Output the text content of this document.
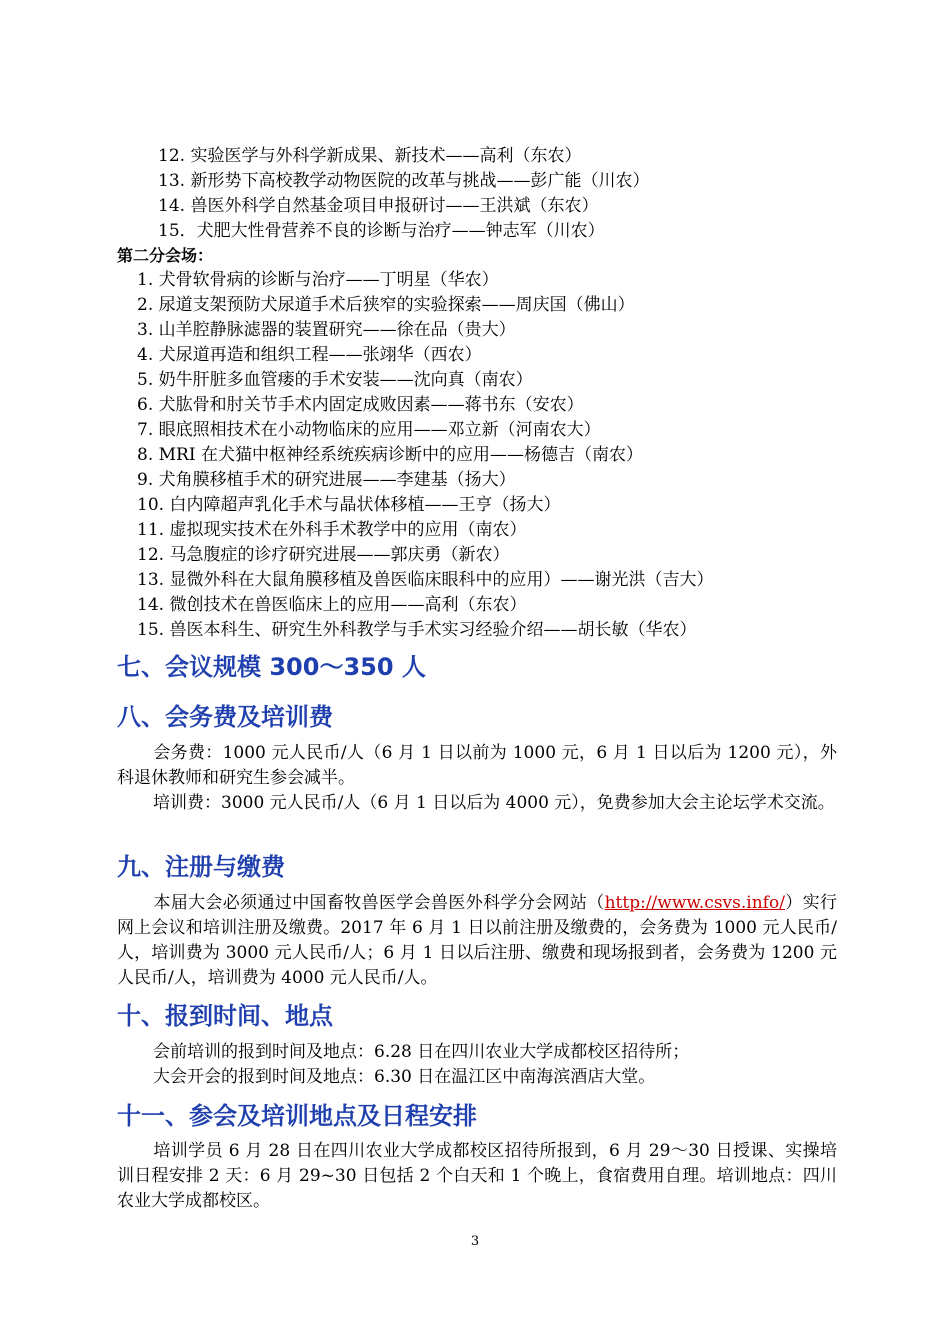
12. 实验医学与外科学新成果、新技术——高利（东农）
13. 新形势下高校教学动物医院的改革与挑战——彭广能（川农）
14. 兽医外科学自然基金项目申报研讨——王洪斌（东农）
15．犬肥大性骨营养不良的诊断与治疗——钟志军（川农）
第二分会场：
1. 犬骨软骨病的诊断与治疗——丁明星（华农）
2. 尿道支架预防犬尿道手术后狭窄的实验探索——周庆国（佛山）
3. 山羊腔静脉滤器的装置研究——徐在品（贵大）
4. 犬尿道再造和组织工程——张翊华（西农）
5. 奶牛肝脏多血管瘘的手术安装——沈向真（南农）
6. 犬肱骨和肘关节手术内固定成败因素——蒋书东（安农）
7. 眼底照相技术在小动物临床的应用——邓立新（河南农大）
8. MRI 在犬猫中枢神经系统疾病诊断中的应用——杨德吉（南农）
9. 犬角膜移植手术的研究进展——李建基（扬大）
10. 白内障超声乳化手术与晶状体移植——王亨（扬大）
11. 虚拟现实技术在外科手术教学中的应用（南农）
12. 马急腹症的诊疗研究进展——郭庆勇（新农）
13. 显微外科在大鼠角膜移植及兽医临床眼科中的应用）——谢光洪（吉大）
14. 微创技术在兽医临床上的应用——高利（东农）
15. 兽医本科生、研究生外科教学与手术实习经验介绍——胡长敏（华农）
七、会议规模 300～350 人
八、会务费及培训费
会务费：1000 元人民币/人（6 月 1 日以前为 1000 元，6 月 1 日以后为 1200 元），外科退休教师和研究生参会减半。
培训费：3000 元人民币/人（6 月 1 日以后为 4000 元），免费参加大会主论坛学术交流。
九、注册与缴费
本届大会必须通过中国畜牧兽医学会兽医外科学分会网站（http://www.csvs.info/）实行网上会议和培训注册及缴费。2017 年 6 月 1 日以前注册及缴费的，会务费为 1000 元人民币/人，培训费为 3000 元人民币/人；6 月 1 日以后注册、缴费和现场报到者，会务费为 1200 元人民币/人，培训费为 4000 元人民币/人。
十、报到时间、地点
会前培训的报到时间及地点：6.28 日在四川农业大学成都校区招待所；
大会开会的报到时间及地点：6.30 日在温江区中南海滨酒店大堂。
十一、参会及培训地点及日程安排
培训学员 6 月 28 日在四川农业大学成都校区招待所报到，6 月 29～30 日授课、实操培训日程安排 2 天：6 月 29~30 日包括 2 个白天和 1 个晚上，食宿费用自理。培训地点：四川农业大学成都校区。
3
